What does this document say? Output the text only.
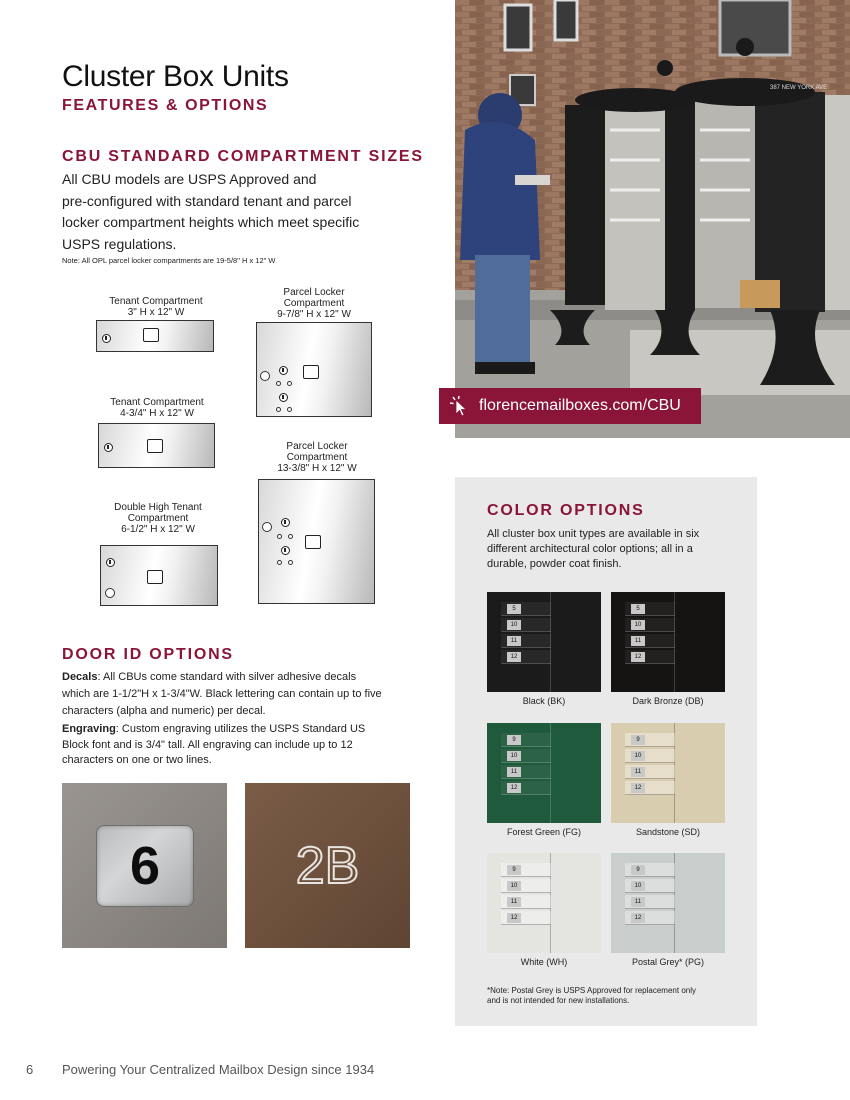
Cluster Box Units
FEATURES & OPTIONS
CBU STANDARD COMPARTMENT SIZES
All CBU models are USPS Approved and
pre-configured with standard tenant and parcel
locker compartment heights which meet specific
USPS regulations.
Note: All OPL parcel locker compartments are 19-5/8" H x 12" W
Tenant Compartment
3" H x 12" W
Parcel Locker
Compartment
9-7/8" H x 12" W
Tenant Compartment
4-3/4" H x 12" W
Parcel Locker
Compartment
13-3/8" H x 12" W
Double High Tenant
Compartment
6-1/2" H x 12" W
DOOR ID OPTIONS
Decals: All CBUs come standard with silver adhesive decals
which are 1-1/2"H x 1-3/4"W. Black lettering can contain up to five
characters (alpha and numeric) per decal.
Engraving: Custom engraving utilizes the USPS Standard US
Block font and is 3/4" tall. All engraving can include up to 12
characters on one or two lines.
6	2B
387 NEW YORK AVE
florencemailboxes.com/CBU
COLOR OPTIONS
All cluster box unit types are available in six
different architectural color options; all in a
durable, powder coat finish.
5
10
11
12
Black (BK)
5
10
11
12
Dark Bronze (DB)
9
10
11
12
Forest Green (FG)
9
10
11
12
Sandstone (SD)
9
10
11
12
White (WH)
9
10
11
12
Postal Grey* (PG)
*Note: Postal Grey is USPS Approved for replacement only
and is not intended for new installations.
6 Powering Your Centralized Mailbox Design since 1934
